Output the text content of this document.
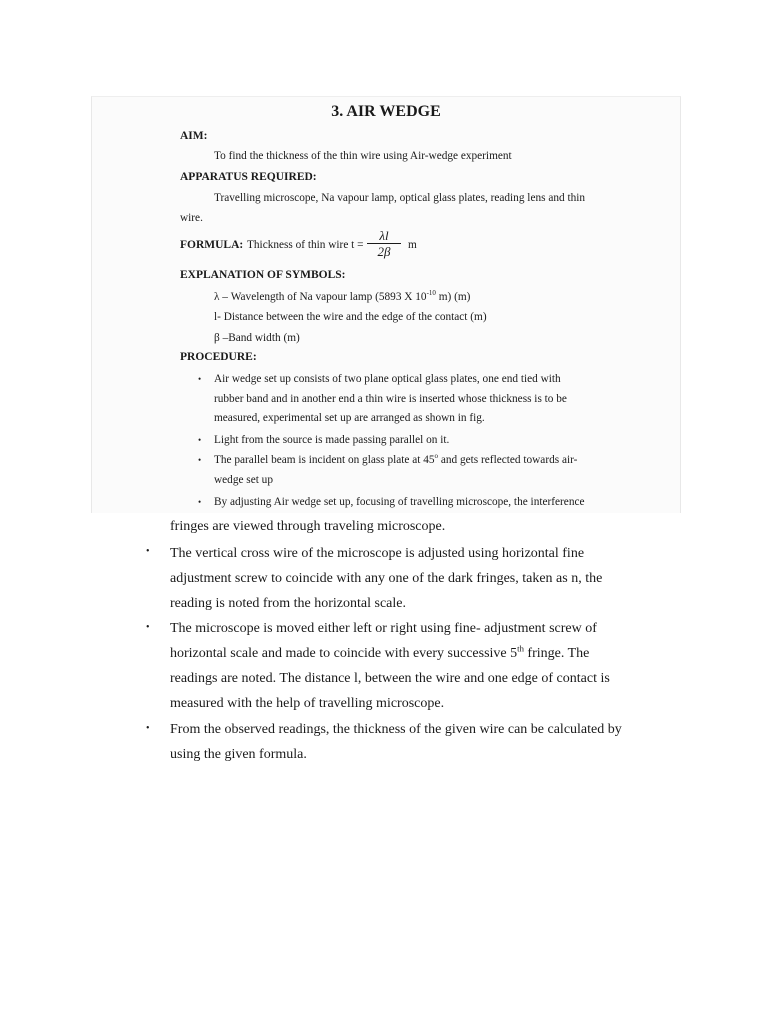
3. AIR WEDGE
AIM:
To find the thickness of the thin wire using Air-wedge experiment
APPARATUS REQUIRED:
Travelling microscope, Na vapour lamp, optical glass plates, reading lens and thin
wire.
FORMULA: Thickness of thin wire $t = \frac{\lambda l}{2\beta}$ m
EXPLANATION OF SYMBOLS:
λ – Wavelength of Na vapour lamp (5893 X $10^{-10}$ m) (m)
l- Distance between the wire and the edge of the contact (m)
β –Band width (m)
PROCEDURE:
• Air wedge set up consists of two plane optical glass plates, one end tied with
rubber band and in another end a thin wire is inserted whose thickness is to be
measured, experimental set up are arranged as shown in fig.
• Light from the source is made passing parallel on it.
• The parallel beam is incident on glass plate at 45$^o$ and gets reflected towards air-
wedge set up
• By adjusting Air wedge set up, focusing of travelling microscope, the interference
fringes are viewed through traveling microscope.
• The vertical cross wire of the microscope is adjusted using horizontal fine
adjustment screw to coincide with any one of the dark fringes, taken as n, the
reading is noted from the horizontal scale.
• The microscope is moved either left or right using fine- adjustment screw of
horizontal scale and made to coincide with every successive 5th fringe. The
readings are noted. The distance l, between the wire and one edge of contact is
measured with the help of travelling microscope.
• From the observed readings, the thickness of the given wire can be calculated by
using the given formula.
